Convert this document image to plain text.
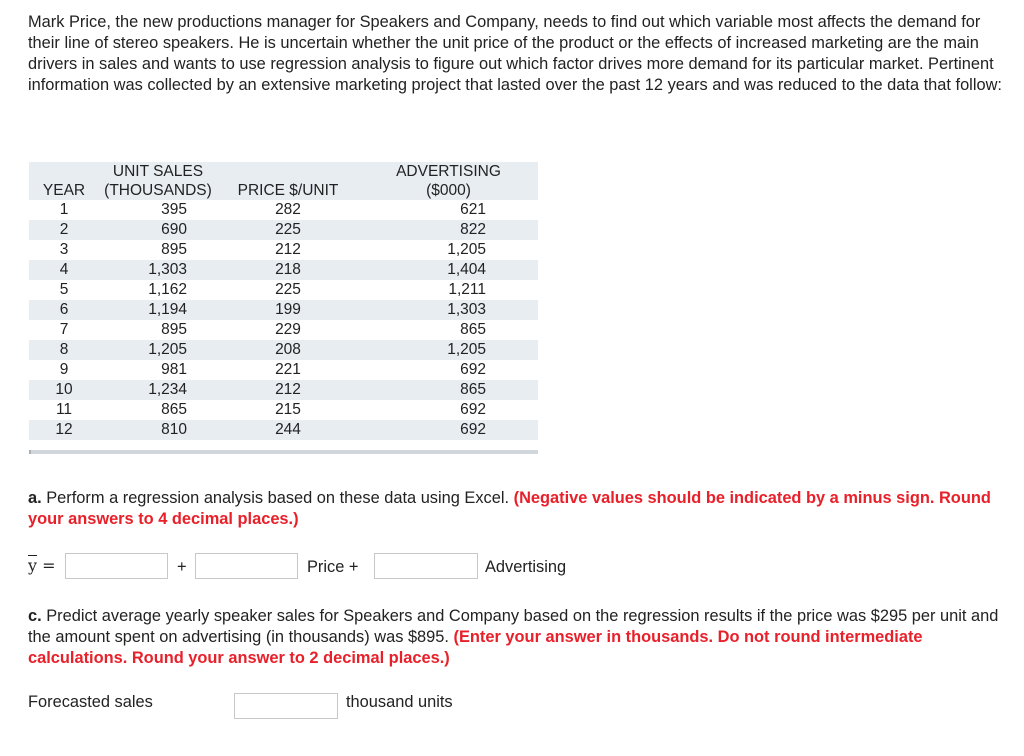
Mark Price, the new productions manager for Speakers and Company, needs to find out which variable most affects the demand for their line of stereo speakers. He is uncertain whether the unit price of the product or the effects of increased marketing are the main drivers in sales and wants to use regression analysis to figure out which factor drives more demand for its particular market. Pertinent information was collected by an extensive marketing project that lasted over the past 12 years and was reduced to the data that follow:

YEAR	UNIT SALES
(THOUSANDS)	PRICE $/UNIT	ADVERTISING
($000)
1	395	282	621
2	690	225	822
3	895	212	1,205
4	1,303	218	1,404
5	1,162	225	1,211
6	1,194	199	1,303
7	895	229	865
8	1,205	208	1,205
9	981	221	692
10	1,234	212	865
11	865	215	692
12	810	244	692

a. Perform a regression analysis based on these data using Excel. (Negative values should be indicated by a minus sign. Round your answers to 4 decimal places.)

$\overline{y}$ =	+	Price +	Advertising

c. Predict average yearly speaker sales for Speakers and Company based on the regression results if the price was $295 per unit and the amount spent on advertising (in thousands) was $895. (Enter your answer in thousands. Do not round intermediate calculations. Round your answer to 2 decimal places.)

Forecasted sales	thousand units
